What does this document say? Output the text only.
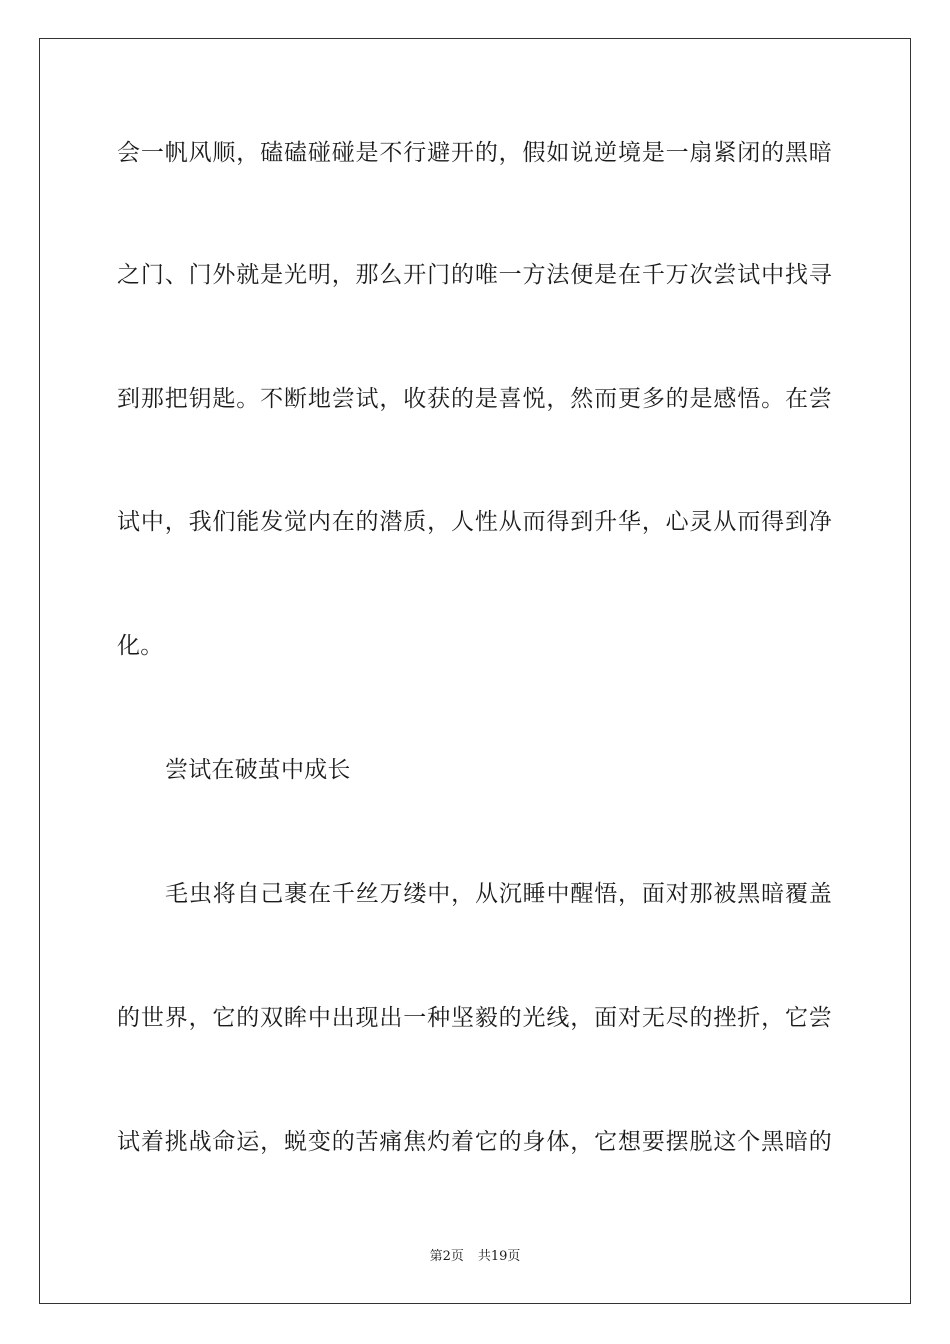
会一帆风顺，磕磕碰碰是不行避开的，假如说逆境是一扇紧闭的黑暗
之门、门外就是光明，那么开门的唯一方法便是在千万次尝试中找寻
到那把钥匙。不断地尝试，收获的是喜悦，然而更多的是感悟。在尝
试中，我们能发觉内在的潜质，人性从而得到升华，心灵从而得到净
化。
尝试在破茧中成长
毛虫将自己裹在千丝万缕中，从沉睡中醒悟，面对那被黑暗覆盖
的世界，它的双眸中出现出一种坚毅的光线，面对无尽的挫折，它尝
试着挑战命运，蜕变的苦痛焦灼着它的身体，它想要摆脱这个黑暗的
第2页 共19页
